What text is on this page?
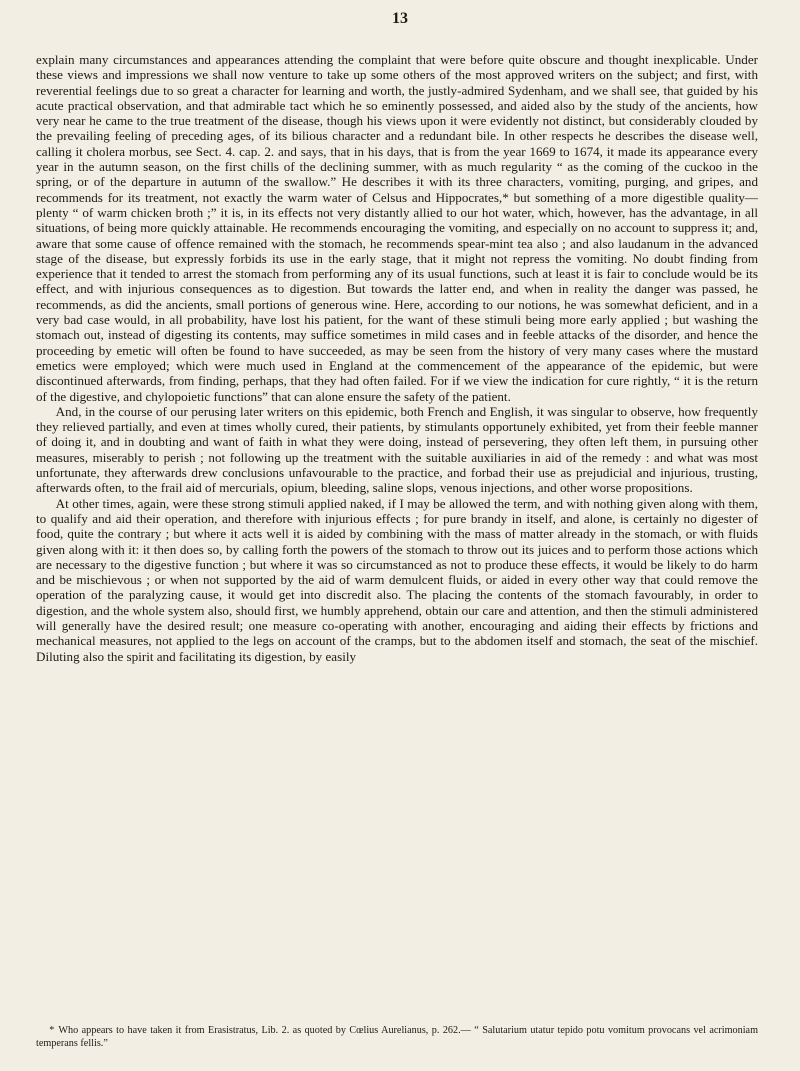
13

explain many circumstances and appearances attending the complaint that were before quite obscure and thought inexplicable. Under these views and impressions we shall now venture to take up some others of the most approved writers on the subject; and first, with reverential feelings due to so great a character for learning and worth, the justly-admired Sydenham, and we shall see, that guided by his acute practical observation, and that admirable tact which he so eminently possessed, and aided also by the study of the ancients, how very near he came to the true treatment of the disease, though his views upon it were evidently not distinct, but considerably clouded by the prevailing feeling of preceding ages, of its bilious character and a redundant bile. In other respects he describes the disease well, calling it cholera morbus, see Sect. 4. cap. 2. and says, that in his days, that is from the year 1669 to 1674, it made its appearance every year in the autumn season, on the first chills of the declining summer, with as much regularity “ as the coming of the cuckoo in the spring, or of the departure in autumn of the swallow.” He describes it with its three characters, vomiting, purging, and gripes, and recommends for its treatment, not exactly the warm water of Celsus and Hippocrates,* but something of a more digestible quality—plenty “ of warm chicken broth ;” it is, in its effects not very distantly allied to our hot water, which, however, has the advantage, in all situations, of being more quickly attainable. He recommends encouraging the vomiting, and especially on no account to suppress it; and, aware that some cause of offence remained with the stomach, he recommends spear-mint tea also ; and also laudanum in the advanced stage of the disease, but expressly forbids its use in the early stage, that it might not repress the vomiting. No doubt finding from experience that it tended to arrest the stomach from performing any of its usual functions, such at least it is fair to conclude would be its effect, and with injurious consequences as to digestion. But towards the latter end, and when in reality the danger was passed, he recommends, as did the ancients, small portions of generous wine. Here, according to our notions, he was somewhat deficient, and in a very bad case would, in all probability, have lost his patient, for the want of these stimuli being more early applied ; but washing the stomach out, instead of digesting its contents, may suffice sometimes in mild cases and in feeble attacks of the disorder, and hence the proceeding by emetic will often be found to have succeeded, as may be seen from the history of very many cases where the mustard emetics were employed; which were much used in England at the commencement of the appearance of the epidemic, but were discontinued afterwards, from finding, perhaps, that they had often failed. For if we view the indication for cure rightly, “ it is the return of the digestive, and chylopoietic functions” that can alone ensure the safety of the patient.

And, in the course of our perusing later writers on this epidemic, both French and English, it was singular to observe, how frequently they relieved partially, and even at times wholly cured, their patients, by stimulants opportunely exhibited, yet from their feeble manner of doing it, and in doubting and want of faith in what they were doing, instead of persevering, they often left them, in pursuing other measures, miserably to perish ; not following up the treatment with the suitable auxiliaries in aid of the remedy : and what was most unfortunate, they afterwards drew conclusions unfavourable to the practice, and forbad their use as prejudicial and injurious, trusting, afterwards often, to the frail aid of mercurials, opium, bleeding, saline slops, venous injections, and other worse propositions.

At other times, again, were these strong stimuli applied naked, if I may be allowed the term, and with nothing given along with them, to qualify and aid their operation, and therefore with injurious effects ; for pure brandy in itself, and alone, is certainly no digester of food, quite the contrary ; but where it acts well it is aided by combining with the mass of matter already in the stomach, or with fluids given along with it: it then does so, by calling forth the powers of the stomach to throw out its juices and to perform those actions which are necessary to the digestive function ; but where it was so circumstanced as not to produce these effects, it would be likely to do harm and be mischievous ; or when not supported by the aid of warm demulcent fluids, or aided in every other way that could remove the operation of the paralyzing cause, it would get into discredit also. The placing the contents of the stomach favourably, in order to digestion, and the whole system also, should first, we humbly apprehend, obtain our care and attention, and then the stimuli administered will generally have the desired result; one measure co-operating with another, encouraging and aiding their effects by frictions and mechanical measures, not applied to the legs on account of the cramps, but to the abdomen itself and stomach, the seat of the mischief. Diluting also the spirit and facilitating its digestion, by easily

* Who appears to have taken it from Erasistratus, Lib. 2. as quoted by Cœlius Aurelianus, p. 262.— “ Salutarium utatur tepido potu vomitum provocans vel acrimoniam temperans fellis.”
